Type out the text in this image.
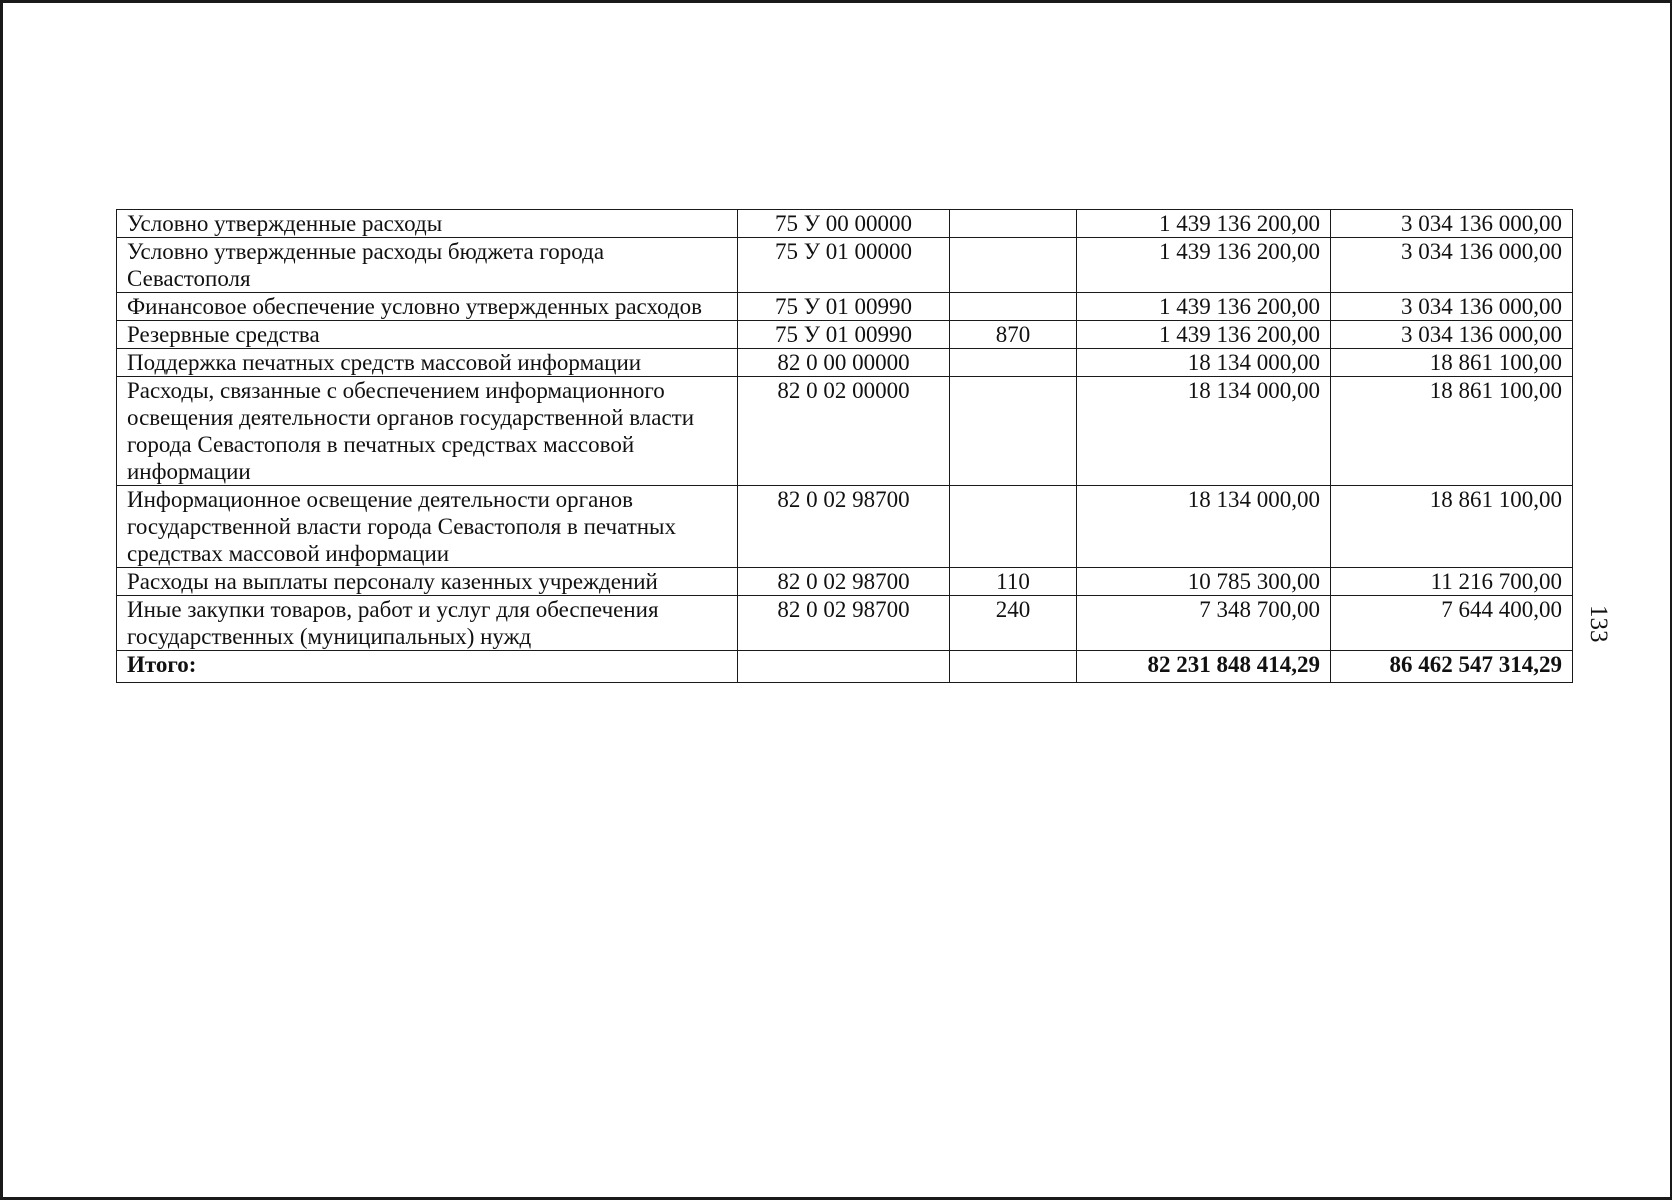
Условно утвержденные расходы	75 У 00 00000		1 439 136 200,00	3 034 136 000,00
Условно утвержденные расходы бюджета города Севастополя	75 У 01 00000		1 439 136 200,00	3 034 136 000,00
Финансовое обеспечение условно утвержденных расходов	75 У 01 00990		1 439 136 200,00	3 034 136 000,00
Резервные средства	75 У 01 00990	870	1 439 136 200,00	3 034 136 000,00
Поддержка печатных средств массовой информации	82 0 00 00000		18 134 000,00	18 861 100,00
Расходы, связанные с обеспечением информационного освещения деятельности органов государственной власти города Севастополя в печатных средствах массовой информации	82 0 02 00000		18 134 000,00	18 861 100,00
Информационное освещение деятельности органов государственной власти города Севастополя в печатных средствах массовой информации	82 0 02 98700		18 134 000,00	18 861 100,00
Расходы на выплаты персоналу казенных учреждений	82 0 02 98700	110	10 785 300,00	11 216 700,00
Иные закупки товаров, работ и услуг для обеспечения государственных (муниципальных) нужд	82 0 02 98700	240	7 348 700,00	7 644 400,00
Итого:			82 231 848 414,29	86 462 547 314,29
133
